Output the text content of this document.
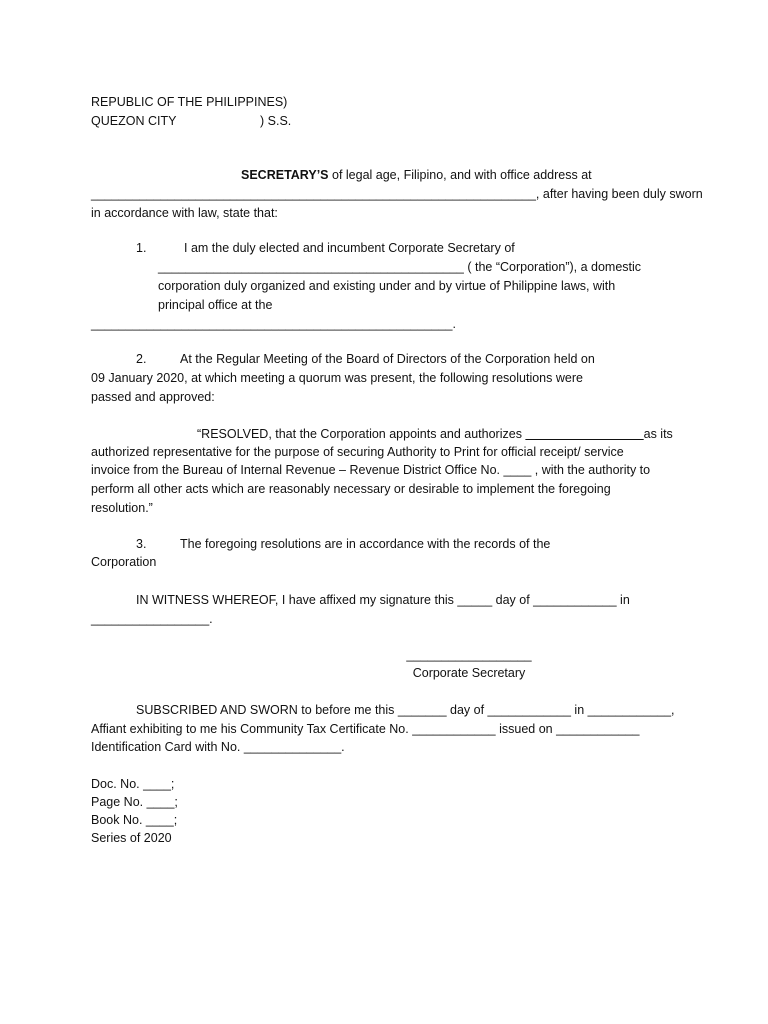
REPUBLIC OF THE PHILIPPINES)
QUEZON CITY	) S.S.
SECRETARY’S of legal age, Filipino, and with office address at
________________________________________________________________, after having been duly sworn
in accordance with law, state that:
1.	I am the duly elected and incumbent Corporate Secretary of
____________________________________________ ( the “Corporation”), a domestic
corporation duly organized and existing under and by virtue of Philippine laws, with
principal office at the
____________________________________________________.
2.	At the Regular Meeting of the Board of Directors of the Corporation held on
09 January 2020, at which meeting a quorum was present, the following resolutions were
passed and approved:
“RESOLVED, that the Corporation appoints and authorizes _________________as its
authorized representative for the purpose of securing Authority to Print for official receipt/ service
invoice from the Bureau of Internal Revenue – Revenue District Office No. ____ , with the authority to
perform all other acts which are reasonably necessary or desirable to implement the foregoing
resolution.”
3.	The foregoing resolutions are in accordance with the records of the
Corporation
IN WITNESS WHEREOF, I have affixed my signature this _____ day of ____________ in
_________________.
__________________
Corporate Secretary
SUBSCRIBED AND SWORN to before me this _______ day of ____________ in ____________,
Affiant exhibiting to me his Community Tax Certificate No. ____________ issued on ____________
Identification Card with No. ______________.
Doc. No. ____;
Page No. ____;
Book No. ____;
Series of 2020
